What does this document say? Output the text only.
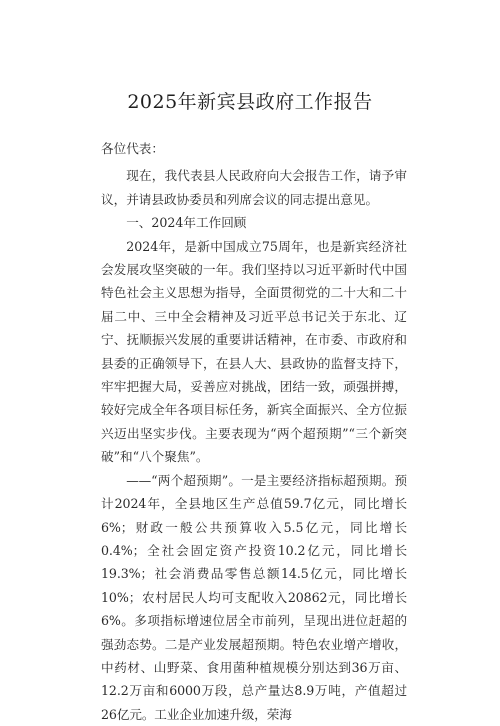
2025年新宾县政府工作报告

各位代表：

现在，我代表县人民政府向大会报告工作，请予审议，并请县政协委员和列席会议的同志提出意见。

一、2024年工作回顾

2024年，是新中国成立75周年，也是新宾经济社会发展攻坚突破的一年。我们坚持以习近平新时代中国特色社会主义思想为指导，全面贯彻党的二十大和二十届二中、三中全会精神及习近平总书记关于东北、辽宁、抚顺振兴发展的重要讲话精神，在市委、市政府和县委的正确领导下，在县人大、县政协的监督支持下，牢牢把握大局，妥善应对挑战，团结一致，顽强拼搏，较好完成全年各项目标任务，新宾全面振兴、全方位振兴迈出坚实步伐。主要表现为“两个超预期”“三个新突破”和“八个聚焦”。

——“两个超预期”。一是主要经济指标超预期。预计2024年，全县地区生产总值59.7亿元，同比增长6%；财政一般公共预算收入5.5亿元，同比增长0.4%；全社会固定资产投资10.2亿元，同比增长19.3%；社会消费品零售总额14.5亿元，同比增长10%；农村居民人均可支配收入20862元，同比增长6%。多项指标增速位居全市前列，呈现出进位赶超的强劲态势。二是产业发展超预期。特色农业增产增收，中药材、山野菜、食用菌种植规模分别达到36万亩、12.2万亩和6000万段，总产量达8.9万吨，产值超过26亿元。工业企业加速升级，荣海
